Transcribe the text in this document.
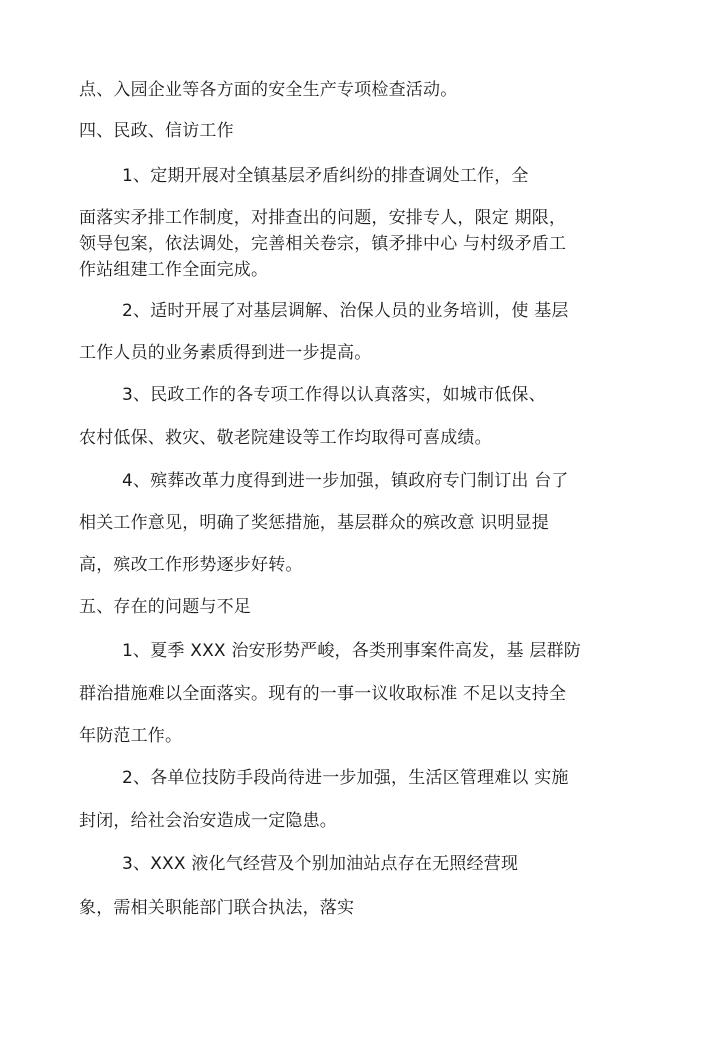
点、入园企业等各方面的安全生产专项检查活动。
四、民政、信访工作
1、定期开展对全镇基层矛盾纠纷的排查调处工作，全
面落实矛排工作制度，对排查出的问题，安排专人，限定 期限，
领导包案，依法调处，完善相关卷宗，镇矛排中心 与村级矛盾工
作站组建工作全面完成。
2、适时开展了对基层调解、治保人员的业务培训，使 基层
工作人员的业务素质得到进一步提高。
3、民政工作的各专项工作得以认真落实，如城市低保、
农村低保、救灾、敬老院建设等工作均取得可喜成绩。
4、殡葬改革力度得到进一步加强，镇政府专门制订出 台了
相关工作意见，明确了奖惩措施，基层群众的殡改意 识明显提
高，殡改工作形势逐步好转。
五、存在的问题与不足
1、夏季 XXX 治安形势严峻，各类刑事案件高发，基 层群防
群治措施难以全面落实。现有的一事一议收取标准 不足以支持全
年防范工作。
2、各单位技防手段尚待进一步加强，生活区管理难以 实施
封闭，给社会治安造成一定隐患。
3、XXX 液化气经营及个别加油站点存在无照经营现
象，需相关职能部门联合执法，落实
